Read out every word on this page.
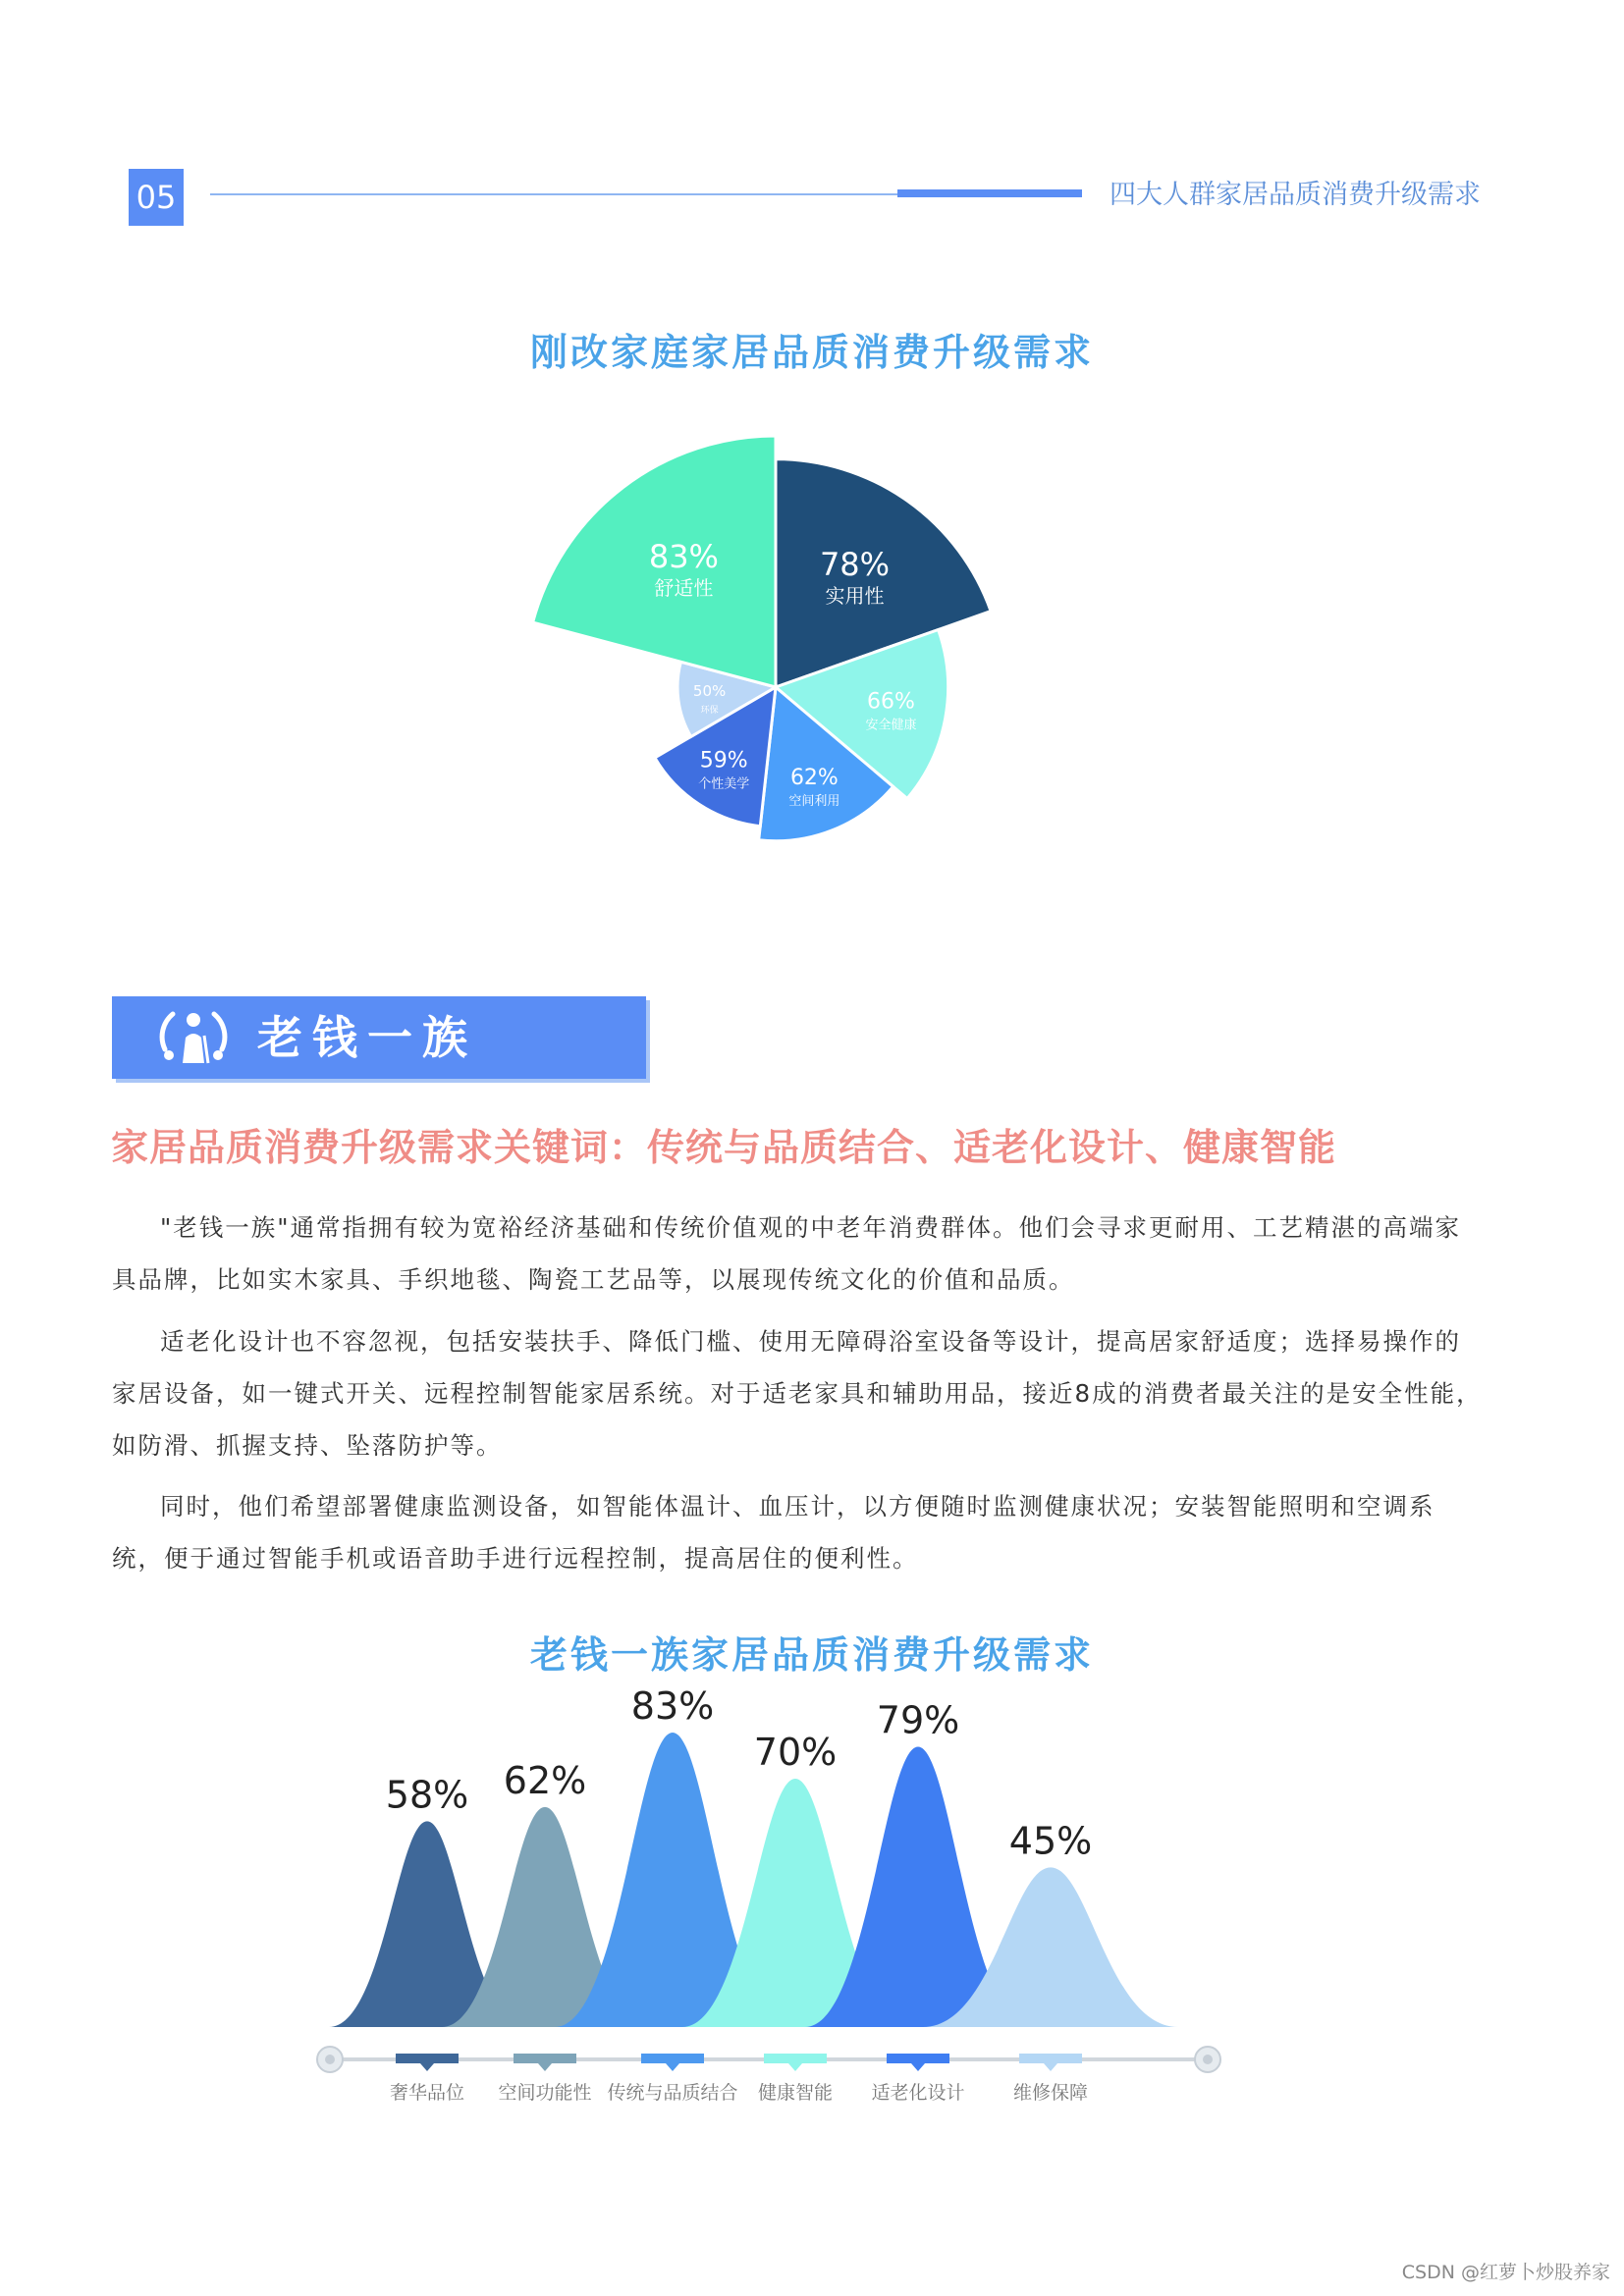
05	四大人群家居品质消费升级需求
刚改家庭家居品质消费升级需求
78%
实用性
66%
安全健康
62%
空间利用
59%
个性美学
50%
环保
83%
舒适性
老钱一族
家居品质消费升级需求关键词：传统与品质结合、适老化设计、健康智能

"老钱一族"通常指拥有较为宽裕经济基础和传统价值观的中老年消费群体。他们会寻求更耐用、工艺精湛的高端家具品牌，比如实木家具、手织地毯、陶瓷工艺品等，以展现传统文化的价值和品质。

适老化设计也不容忽视，包括安装扶手、降低门槛、使用无障碍浴室设备等设计，提高居家舒适度；选择易操作的家居设备，如一键式开关、远程控制智能家居系统。对于适老家具和辅助用品，接近8成的消费者最关注的是安全性能，如防滑、抓握支持、坠落防护等。

同时，他们希望部署健康监测设备，如智能体温计、血压计，以方便随时监测健康状况；安装智能照明和空调系统，便于通过智能手机或语音助手进行远程控制，提高居住的便利性。

老钱一族家居品质消费升级需求
58%
奢华品位
62%
空间功能性
83%
传统与品质结合
70%
健康智能
79%
适老化设计
45%
维修保障
CSDN @红萝卜炒股养家
